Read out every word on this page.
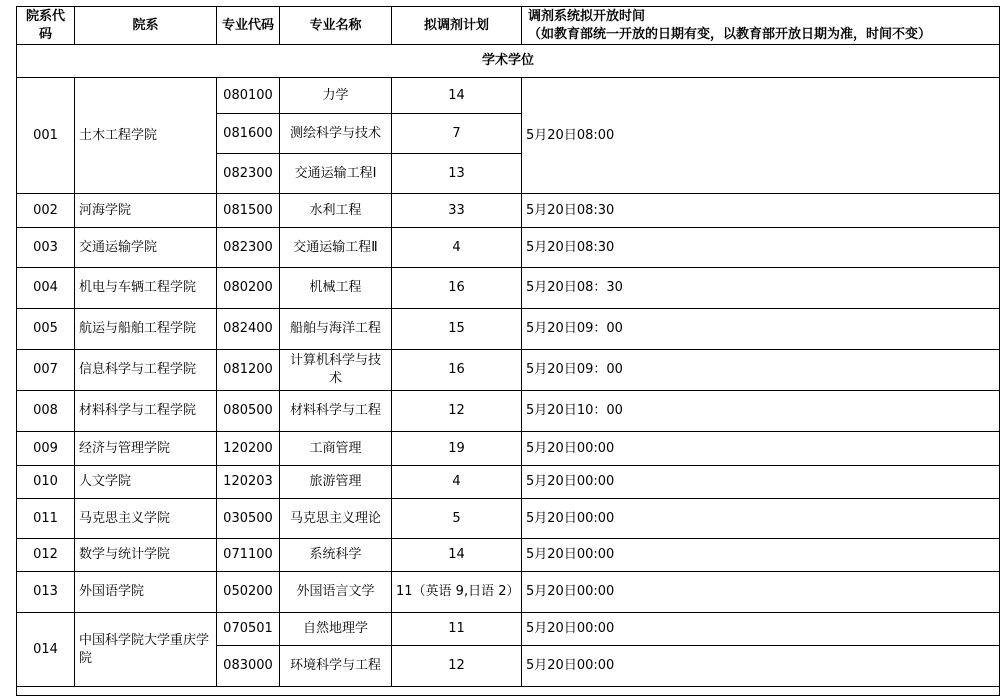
院系代码	院系	专业代码	专业名称	拟调剂计划	调剂系统拟开放时间
（如教育部统一开放的日期有变，以教育部开放日期为准，时间不变）

学术学位					
001	土木工程学院	080100	力学	14	5月20日08:00
		081600	测绘科学与技术	7	
		082300	交通运输工程Ⅰ	13	
002	河海学院	081500	水利工程	33	5月20日08:30
003	交通运输学院	082300	交通运输工程Ⅱ	4	5月20日08:30
004	机电与车辆工程学院	080200	机械工程	16	5月20日08：30
005	航运与船舶工程学院	082400	船舶与海洋工程	15	5月20日09：00
007	信息科学与工程学院	081200	计算机科学与技术	16	5月20日09：00
008	材料科学与工程学院	080500	材料科学与工程	12	5月20日10：00
009	经济与管理学院	120200	工商管理	19	5月20日00:00
010	人文学院	120203	旅游管理	4	5月20日00:00
011	马克思主义学院	030500	马克思主义理论	5	5月20日00:00
012	数学与统计学院	071100	系统科学	14	5月20日00:00
013	外国语学院	050200	外国语言文学	11（英语 9,日语 2）	5月20日00:00
014	中国科学院大学重庆学院	070501	自然地理学	11	5月20日00:00
		083000	环境科学与工程	12	5月20日00:00
